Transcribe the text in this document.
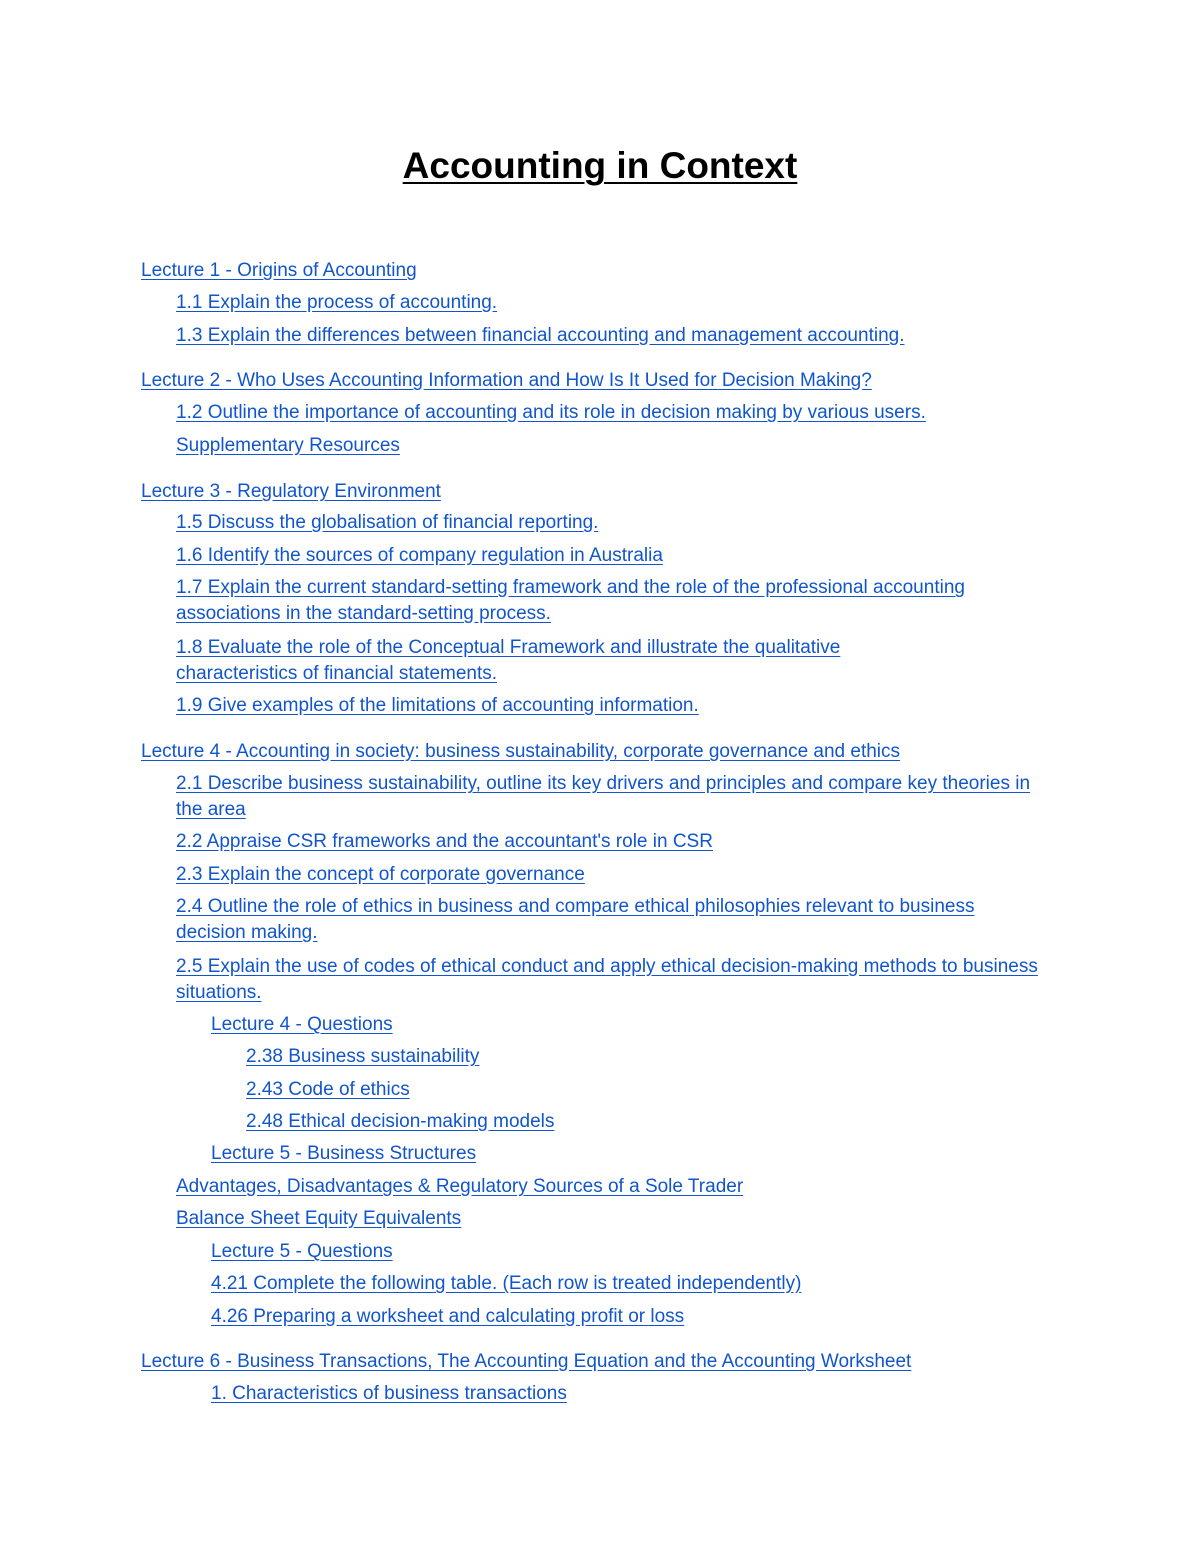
Accounting in Context
Lecture 1 - Origins of Accounting
1.1 Explain the process of accounting.
1.3 Explain the differences between financial accounting and management accounting.
Lecture 2 - Who Uses Accounting Information and How Is It Used for Decision Making?
1.2 Outline the importance of accounting and its role in decision making by various users.
Supplementary Resources
Lecture 3 - Regulatory Environment
1.5 Discuss the globalisation of financial reporting.
1.6 Identify the sources of company regulation in Australia
1.7 Explain the current standard-setting framework and the role of the professional accounting associations in the standard-setting process.
1.8 Evaluate the role of the Conceptual Framework and illustrate the qualitative characteristics of financial statements.
1.9 Give examples of the limitations of accounting information.
Lecture 4 - Accounting in society: business sustainability, corporate governance and ethics
2.1 Describe business sustainability, outline its key drivers and principles and compare key theories in the area
2.2 Appraise CSR frameworks and the accountant's role in CSR
2.3 Explain the concept of corporate governance
2.4 Outline the role of ethics in business and compare ethical philosophies relevant to business decision making.
2.5 Explain the use of codes of ethical conduct and apply ethical decision-making methods to business situations.
Lecture 4 - Questions
2.38 Business sustainability
2.43 Code of ethics
2.48 Ethical decision-making models
Lecture 5 - Business Structures
Advantages, Disadvantages & Regulatory Sources of a Sole Trader
Balance Sheet Equity Equivalents
Lecture 5 - Questions
4.21 Complete the following table. (Each row is treated independently)
4.26 Preparing a worksheet and calculating profit or loss
Lecture 6 - Business Transactions, The Accounting Equation and the Accounting Worksheet
1. Characteristics of business transactions
